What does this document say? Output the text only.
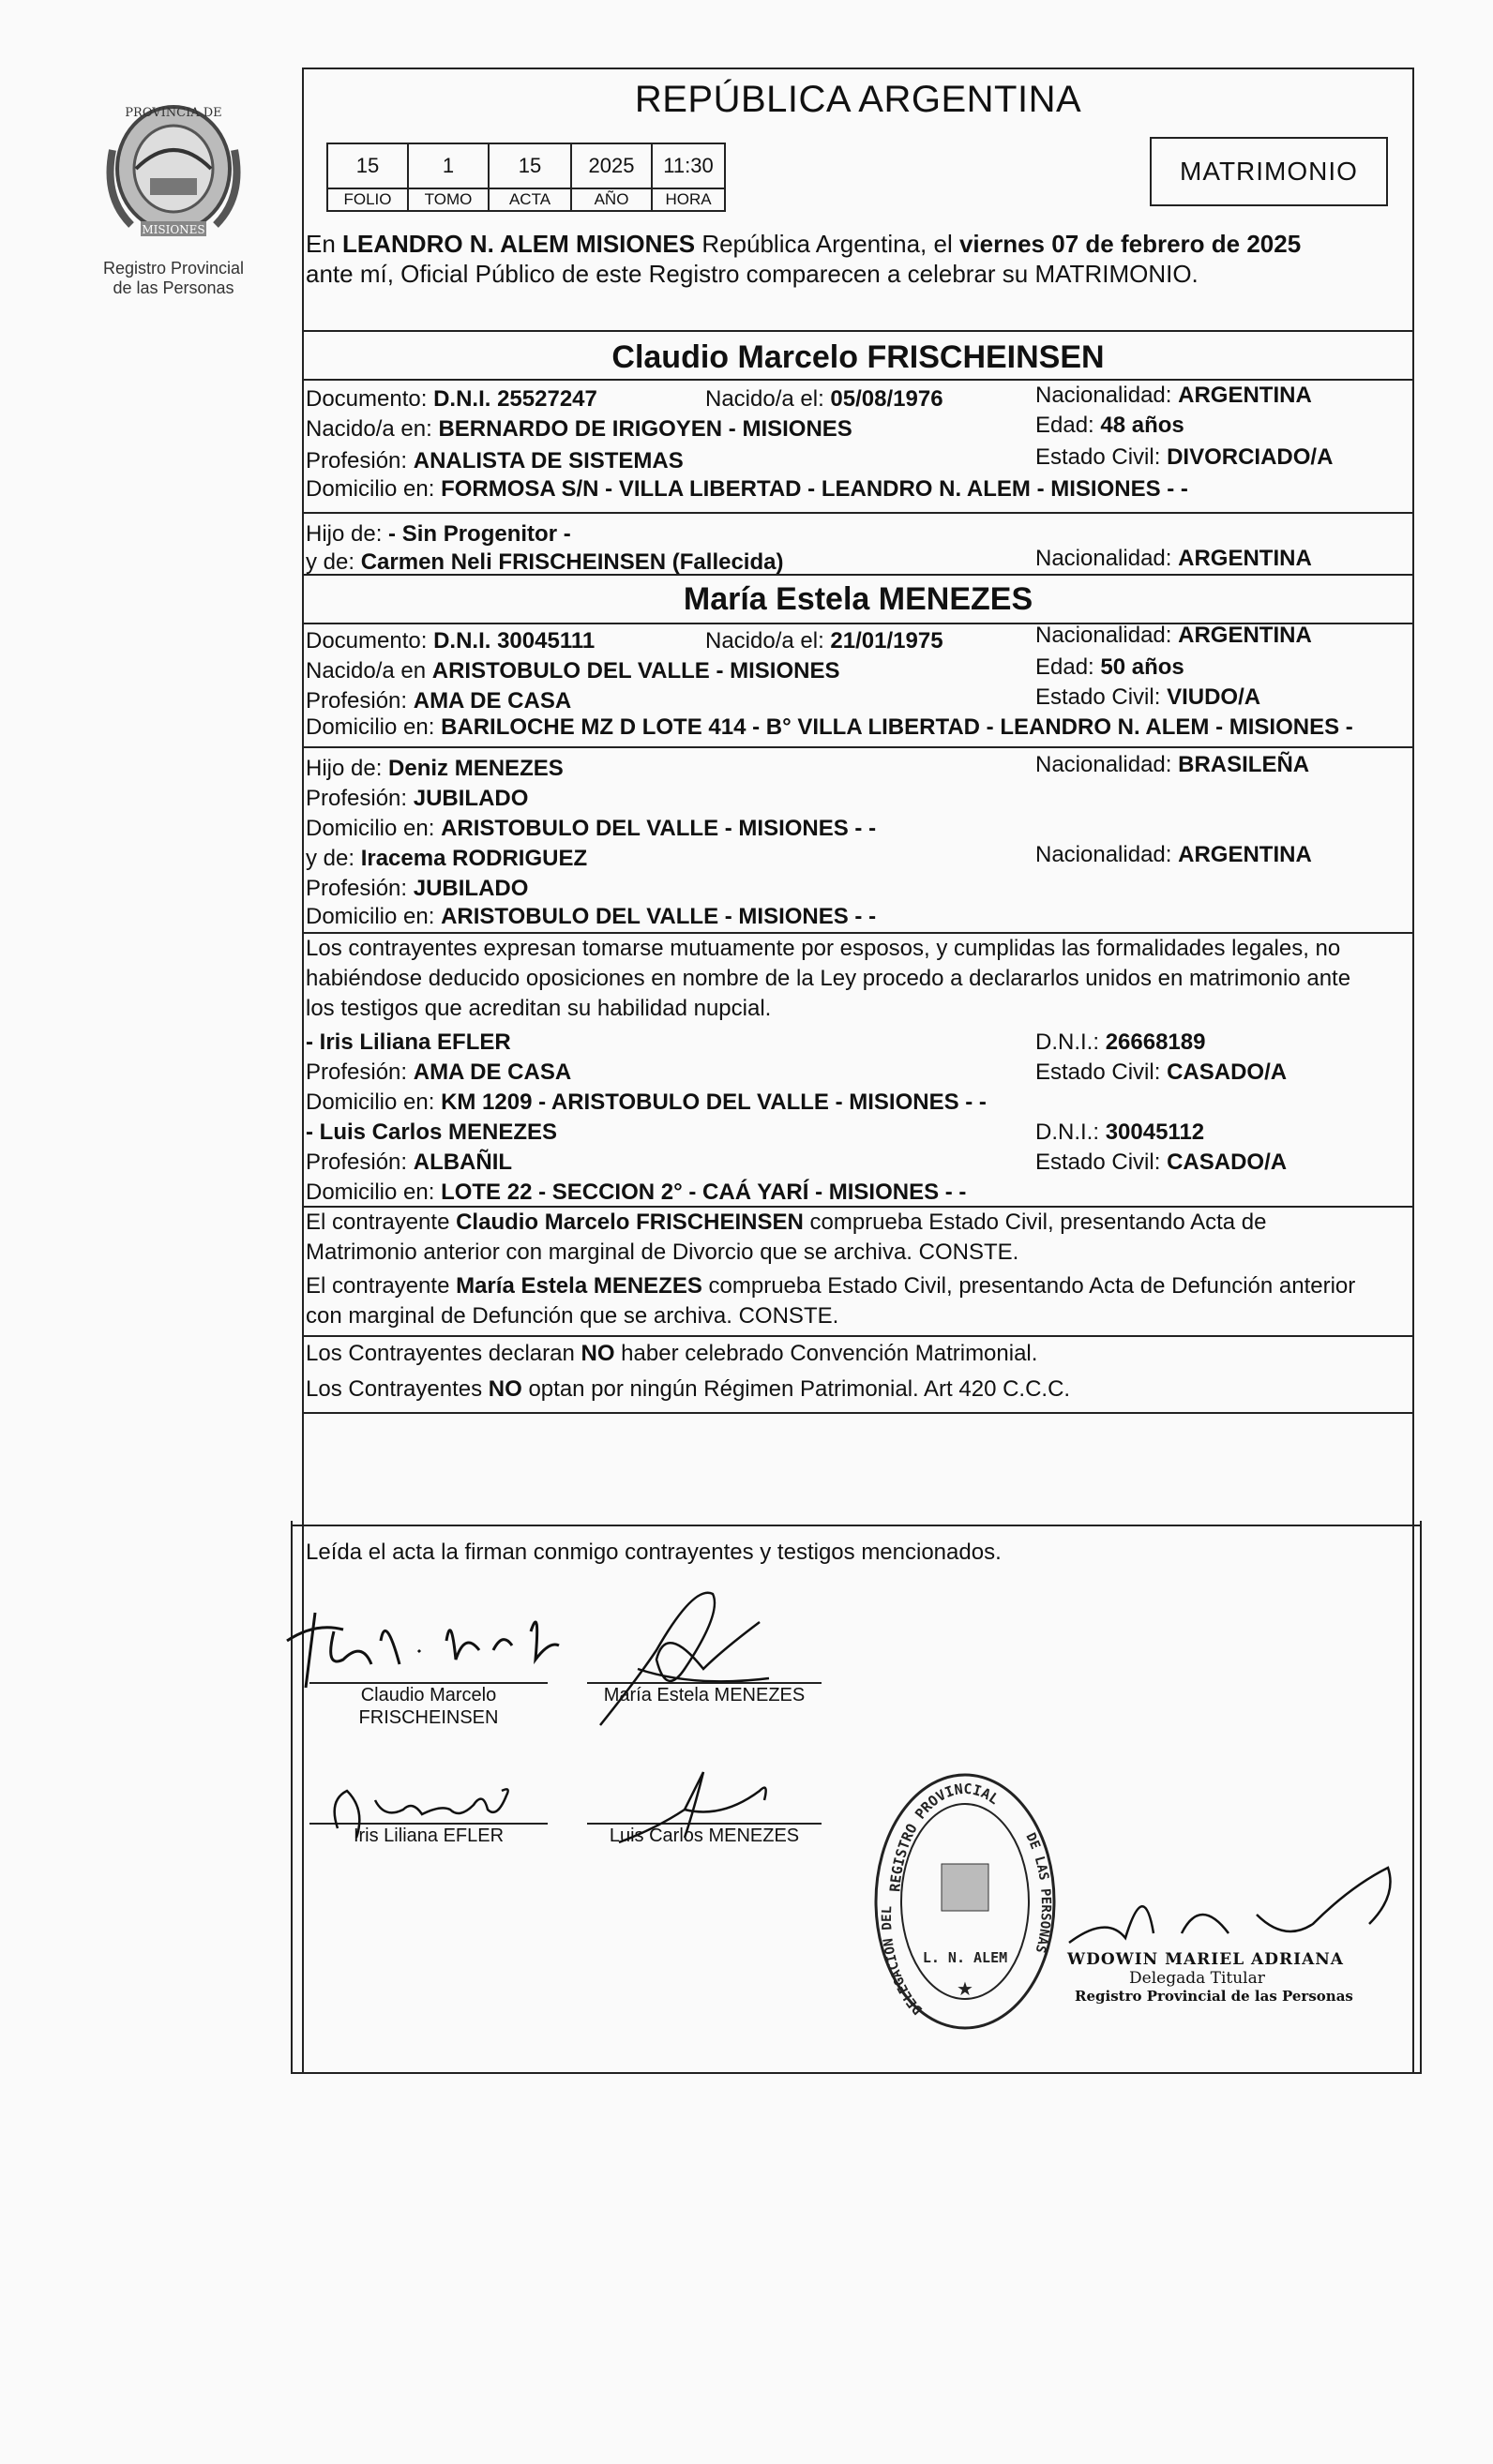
PROVINCIA DE
MISIONES
Registro Provincial
de las Personas
REPÚBLICA ARGENTINA
15	1	15	2025	11:30
FOLIO	TOMO	ACTA	AÑO	HORA
MATRIMONIO
En LEANDRO N. ALEM MISIONES República Argentina, el viernes 07 de febrero de 2025
ante mí, Oficial Público de este Registro comparecen a celebrar su MATRIMONIO.
Claudio Marcelo FRISCHEINSEN
Documento: D.N.I. 25527247	Nacido/a el: 05/08/1976	Nacionalidad: ARGENTINA
Nacido/a en: BERNARDO DE IRIGOYEN - MISIONES	Edad: 48 años
Profesión: ANALISTA DE SISTEMAS	Estado Civil: DIVORCIADO/A
Domicilio en: FORMOSA S/N - VILLA LIBERTAD - LEANDRO N. ALEM - MISIONES - -
Hijo de: - Sin Progenitor -
y de: Carmen Neli FRISCHEINSEN (Fallecida)	Nacionalidad: ARGENTINA
María Estela MENEZES
Documento: D.N.I. 30045111	Nacido/a el: 21/01/1975	Nacionalidad: ARGENTINA
Nacido/a en ARISTOBULO DEL VALLE - MISIONES	Edad: 50 años
Profesión: AMA DE CASA	Estado Civil: VIUDO/A
Domicilio en: BARILOCHE MZ D LOTE 414 - B° VILLA LIBERTAD - LEANDRO N. ALEM - MISIONES -
Hijo de: Deniz MENEZES	Nacionalidad: BRASILEÑA
Profesión: JUBILADO
Domicilio en: ARISTOBULO DEL VALLE - MISIONES - -
y de: Iracema RODRIGUEZ	Nacionalidad: ARGENTINA
Profesión: JUBILADO
Domicilio en: ARISTOBULO DEL VALLE - MISIONES - -
Los contrayentes expresan tomarse mutuamente por esposos, y cumplidas las formalidades legales, no
habiéndose deducido oposiciones en nombre de la Ley procedo a declararlos unidos en matrimonio ante
los testigos que acreditan su habilidad nupcial.
- Iris Liliana EFLER	D.N.I.: 26668189
Profesión: AMA DE CASA	Estado Civil: CASADO/A
Domicilio en: KM 1209 - ARISTOBULO DEL VALLE - MISIONES - -
- Luis Carlos MENEZES	D.N.I.: 30045112
Profesión: ALBAÑIL	Estado Civil: CASADO/A
Domicilio en: LOTE 22 - SECCION 2° - CAÁ YARÍ - MISIONES - -
El contrayente Claudio Marcelo FRISCHEINSEN comprueba Estado Civil, presentando Acta de
Matrimonio anterior con marginal de Divorcio que se archiva. CONSTE.
El contrayente María Estela MENEZES comprueba Estado Civil, presentando Acta de Defunción anterior
con marginal de Defunción que se archiva. CONSTE.
Los Contrayentes declaran NO haber celebrado Convención Matrimonial.
Los Contrayentes NO optan por ningún Régimen Patrimonial. Art 420 C.C.C.
Leída el acta la firman conmigo contrayentes y testigos mencionados.
Claudio Marcelo
FRISCHEINSEN
María Estela MENEZES
Iris Liliana EFLER	Luis Carlos MENEZES
REGISTRO PROVINCIAL
DELEGACION DEL
DE LAS PERSONAS
L. N. ALEM
★
WDOWIN MARIEL ADRIANA
Delegada Titular
Registro Provincial de las Personas
